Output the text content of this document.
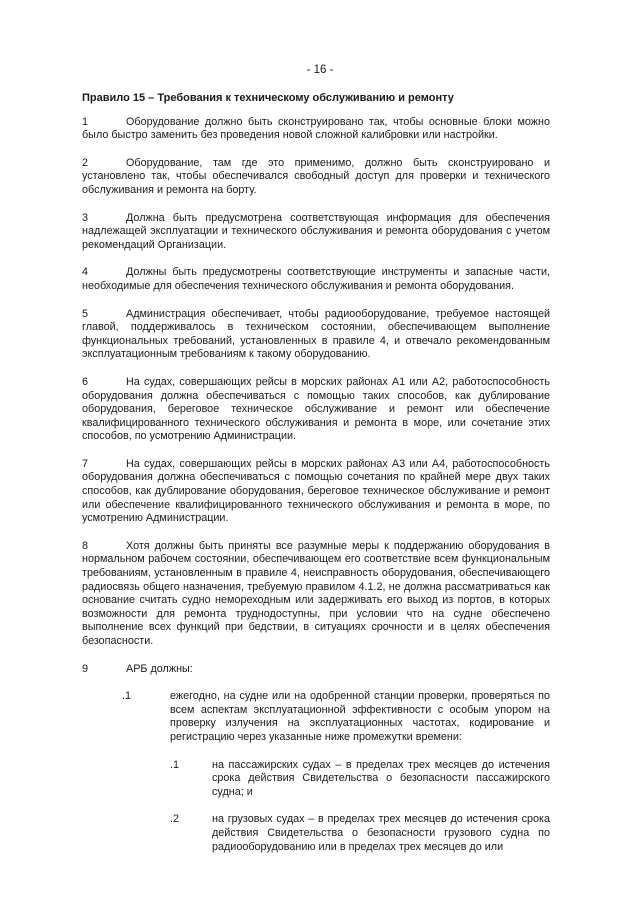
- 16 -
Правило 15 – Требования к техническому обслуживанию и ремонту

1	Оборудование должно быть сконструировано так, чтобы основные блоки можно было быстро заменить без проведения новой сложной калибровки или настройки.

2	Оборудование, там где это применимо, должно быть сконструировано и установлено так, чтобы обеспечивался свободный доступ для проверки и технического обслуживания и ремонта на борту.

3	Должна быть предусмотрена соответствующая информация для обеспечения надлежащей эксплуатации и технического обслуживания и ремонта оборудования с учетом рекомендаций Организации.

4	Должны быть предусмотрены соответствующие инструменты и запасные части, необходимые для обеспечения технического обслуживания и ремонта оборудования.

5	Администрация обеспечивает, чтобы радиооборудование, требуемое настоящей главой, поддерживалось в техническом состоянии, обеспечивающем выполнение функциональных требований, установленных в правиле 4, и отвечало рекомендованным эксплуатационным требованиям к такому оборудованию.

6	На судах, совершающих рейсы в морских районах A1 или A2, работоспособность оборудования должна обеспечиваться с помощью таких способов, как дублирование оборудования, береговое техническое обслуживание и ремонт или обеспечение квалифицированного технического обслуживания и ремонта в море, или сочетание этих способов, по усмотрению Администрации.

7	На судах, совершающих рейсы в морских районах A3 или A4, работоспособность оборудования должна обеспечиваться с помощью сочетания по крайней мере двух таких способов, как дублирование оборудования, береговое техническое обслуживание и ремонт или обеспечение квалифицированного технического обслуживания и ремонта в море, по усмотрению Администрации.

8	Хотя должны быть приняты все разумные меры к поддержанию оборудования в нормальном рабочем состоянии, обеспечивающем его соответствие всем функциональным требованиям, установленным в правиле 4, неисправность оборудования, обеспечивающего радиосвязь общего назначения, требуемую правилом 4.1.2, не должна рассматриваться как основание считать судно немореходным или задерживать его выход из портов, в которых возможности для ремонта труднодоступны, при условии что на судне обеспечено выполнение всех функций при бедствии, в ситуациях срочности и в целях обеспечения безопасности.

9	АРБ должны:
.1	ежегодно, на судне или на одобренной станции проверки, проверяться по всем аспектам эксплуатационной эффективности с особым упором на проверку излучения на эксплуатационных частотах, кодирование и регистрацию через указанные ниже промежутки времени:
.1	на пассажирских судах – в пределах трех месяцев до истечения срока действия Свидетельства о безопасности пассажирского судна; и
.2	на грузовых судах – в пределах трех месяцев до истечения срока действия Свидетельства о безопасности грузового судна по радиооборудованию или в пределах трех месяцев до или
